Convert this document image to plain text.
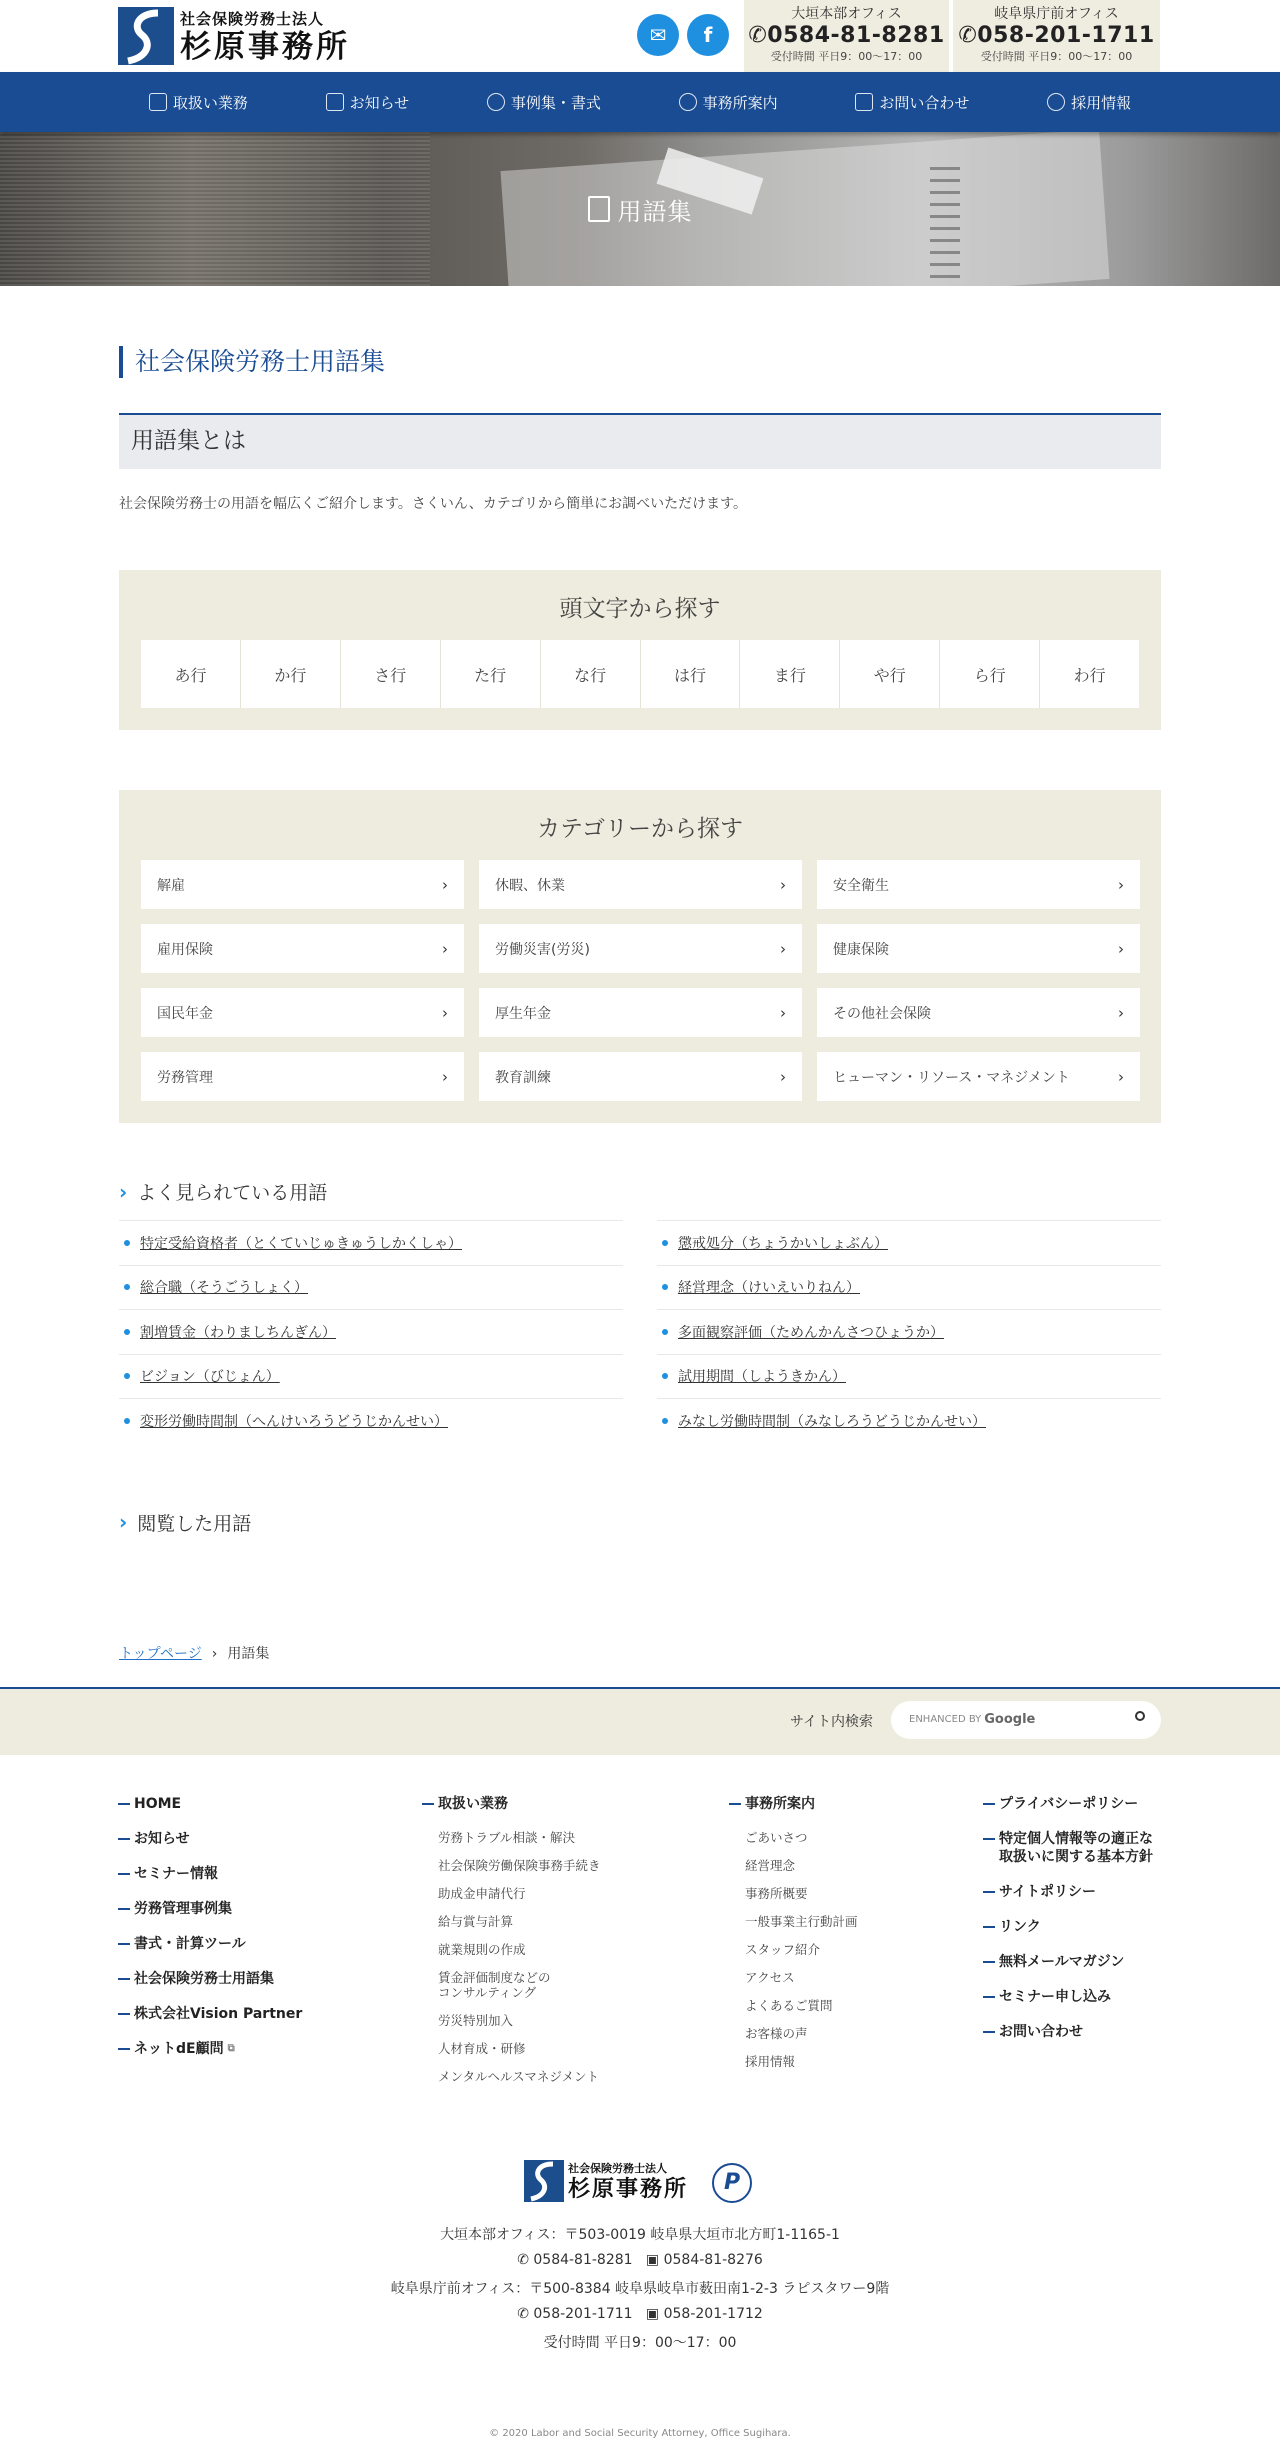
社会保険労務士法人
杉原事務所	✉	f
大垣本部オフィス
✆0584-81-8281
受付時間 平日9：00〜17：00
岐阜県庁前オフィス
✆058-201-1711
受付時間 平日9：00〜17：00
取扱い業務	お知らせ	事例集・書式	事務所案内	お問い合わせ	採用情報
用語集
社会保険労務士用語集
用語集とは

社会保険労務士の用語を幅広くご紹介します。さくいん、カテゴリから簡単にお調べいただけます。

頭文字から探す
あ行	か行	さ行	た行	な行	は行	ま行	や行	ら行	わ行
カテゴリーから探す
解雇	›	休暇、休業	›	安全衛生	›
雇用保険	›	労働災害(労災)	›	健康保険	›
国民年金	›	厚生年金	›	その他社会保険	›
労務管理	›	教育訓練	›	ヒューマン・リソース・マネジメント	›
› よく見られている用語
特定受給資格者（とくていじゅきゅうしかくしゃ）	懲戒処分（ちょうかいしょぶん）
総合職（そうごうしょく）	経営理念（けいえいりねん）
割増賃金（わりましちんぎん）	多面観察評価（ためんかんさつひょうか）
ビジョン（びじょん）	試用期間（しようきかん）
変形労働時間制（へんけいろうどうじかんせい）	みなし労働時間制（みなしろうどうじかんせい）
› 閲覧した用語
トップページ › 用語集
サイト内検索	ENHANCED BY Google
HOME
お知らせ
セミナー情報
労務管理事例集
書式・計算ツール
社会保険労務士用語集
株式会社Vision Partner
ネットdE顧問 ⧉
取扱い業務
労務トラブル相談・解決
社会保険労働保険事務手続き
助成金申請代行
給与賞与計算
就業規則の作成
賃金評価制度などの
コンサルティング
労災特別加入
人材育成・研修
メンタルヘルスマネジメント
事務所案内
ごあいさつ
経営理念
事務所概要
一般事業主行動計画
スタッフ紹介
アクセス
よくあるご質問
お客様の声
採用情報
プライバシーポリシー
特定個人情報等の適正な
取扱いに関する基本方針
サイトポリシー
リンク
無料メールマガジン
セミナー申し込み
お問い合わせ
社会保険労務士法人
杉原事務所	P
大垣本部オフィス：〒503-0019 岐阜県大垣市北方町1-1165-1
✆ 0584-81-8281 ▣ 0584-81-8276
岐阜県庁前オフィス：〒500-8384 岐阜県岐阜市薮田南1-2-3 ラピスタワー9階
✆ 058-201-1711 ▣ 058-201-1712
受付時間 平日9：00〜17：00
© 2020 Labor and Social Security Attorney, Office Sugihara.
